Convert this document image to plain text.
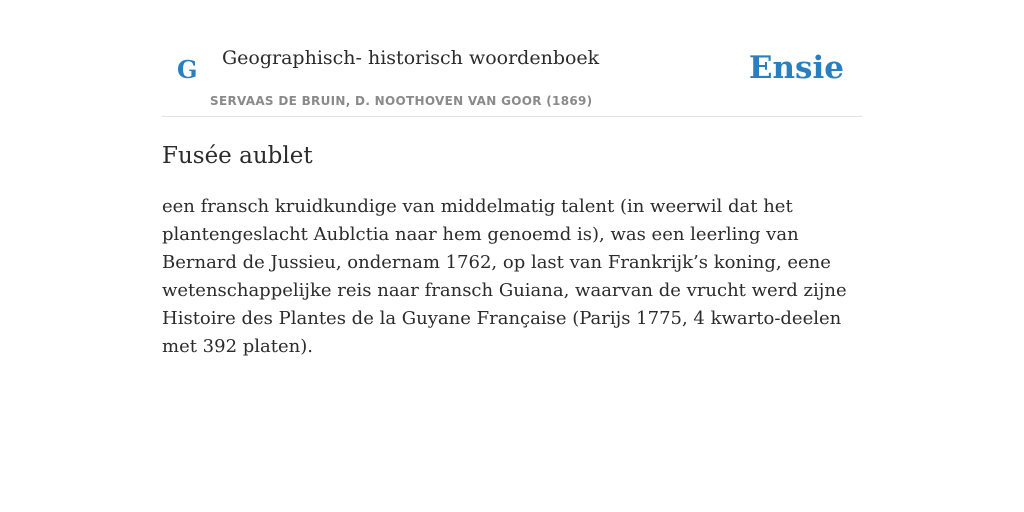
G Geographisch- historisch woordenboek
SERVAAS DE BRUIN, D. NOOTHOVEN VAN GOOR (1869)
Ensie
Fusée aublet

een fransch kruidkundige van middelmatig talent (in weerwil dat het plantengeslacht Aublctia naar hem genoemd is), was een leerling van Bernard de Jussieu, ondernam 1762, op last van Frankrijk’s koning, eene wetenschappelijke reis naar fransch Guiana, waarvan de vrucht werd zijne Histoire des Plantes de la Guyane Française (Parijs 1775, 4 kwarto-deelen met 392 platen).
